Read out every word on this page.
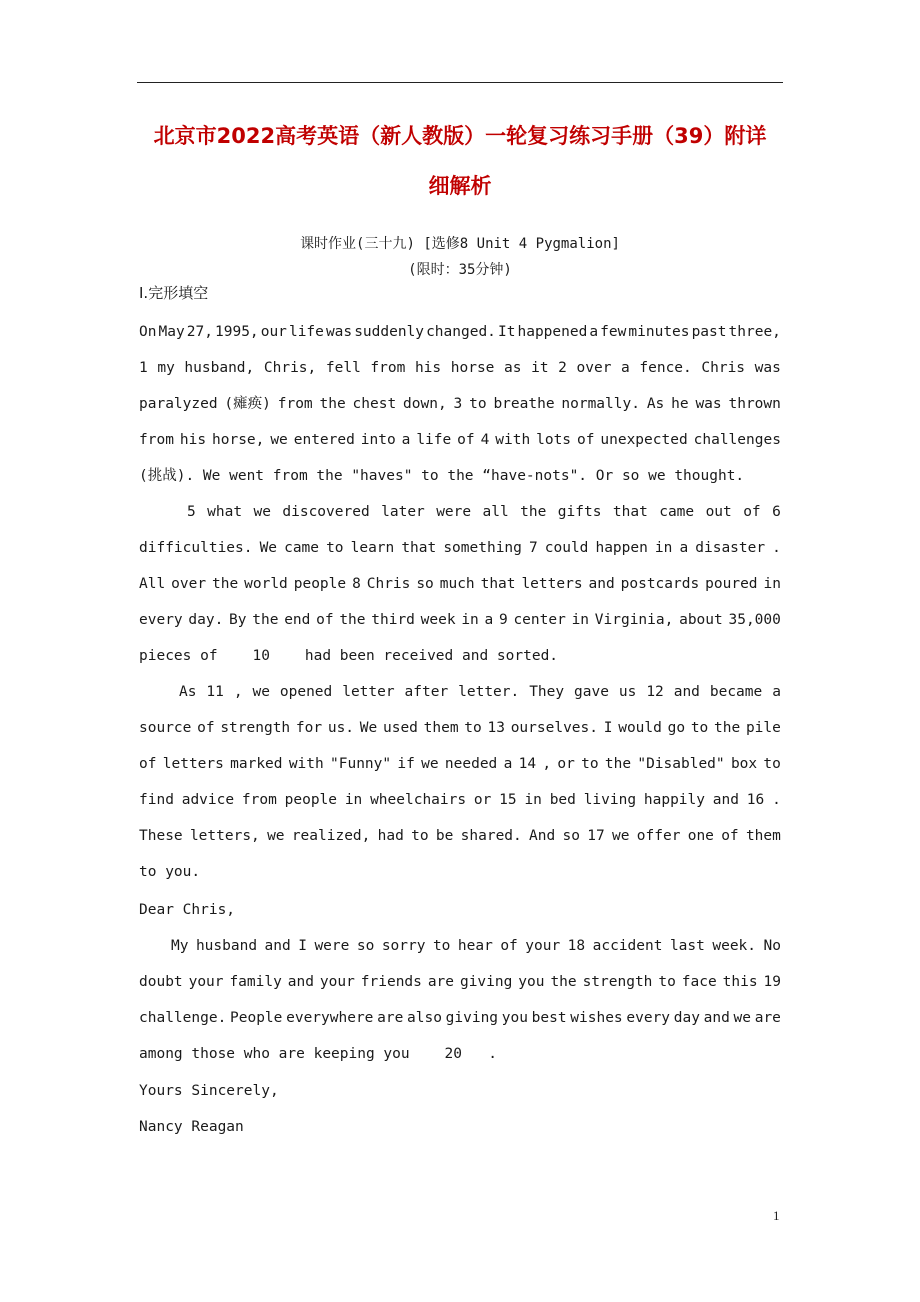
北京市2022高考英语（新人教版）一轮复习练习手册（39）附详

细解析

课时作业(三十九) [选修8 Unit 4 Pygmalion]

(限时：35分钟)

Ⅰ.完形填空

On May 27, 1995, our life was suddenly changed. It happened a few minutes past three,

1 my husband, Chris, fell from his horse as it 2 over a fence. Chris was

paralyzed (瘫痪) from the chest down, 3 to breathe normally. As he was thrown

from his horse, we entered into a life of 4 with lots of unexpected challenges

(挑战). We went from the "haves" to the “have-nots". Or so we thought.

5 what we discovered later were all the gifts that came out of 6

difficulties. We came to learn that something 7 could happen in a disaster .

All over the world people 8 Chris so much that letters and postcards poured in

every day. By the end of the third week in a 9 center in Virginia, about 35,000

pieces of    10    had been received and sorted.

As 11 , we opened letter after letter. They gave us 12 and became a

source of strength for us. We used them to 13 ourselves. I would go to the pile

of letters marked with "Funny" if we needed a 14 , or to the "Disabled" box to

find advice from people in wheelchairs or 15 in bed living happily and 16 .

These letters, we realized, had to be shared. And so 17 we offer one of them

to you.

Dear Chris,

My husband and I were so sorry to hear of your 18 accident last week. No

doubt your family and your friends are giving you the strength to face this 19

challenge. People everywhere are also giving you best wishes every day and we are

among those who are keeping you    20   .

Yours Sincerely,

Nancy Reagan

1
